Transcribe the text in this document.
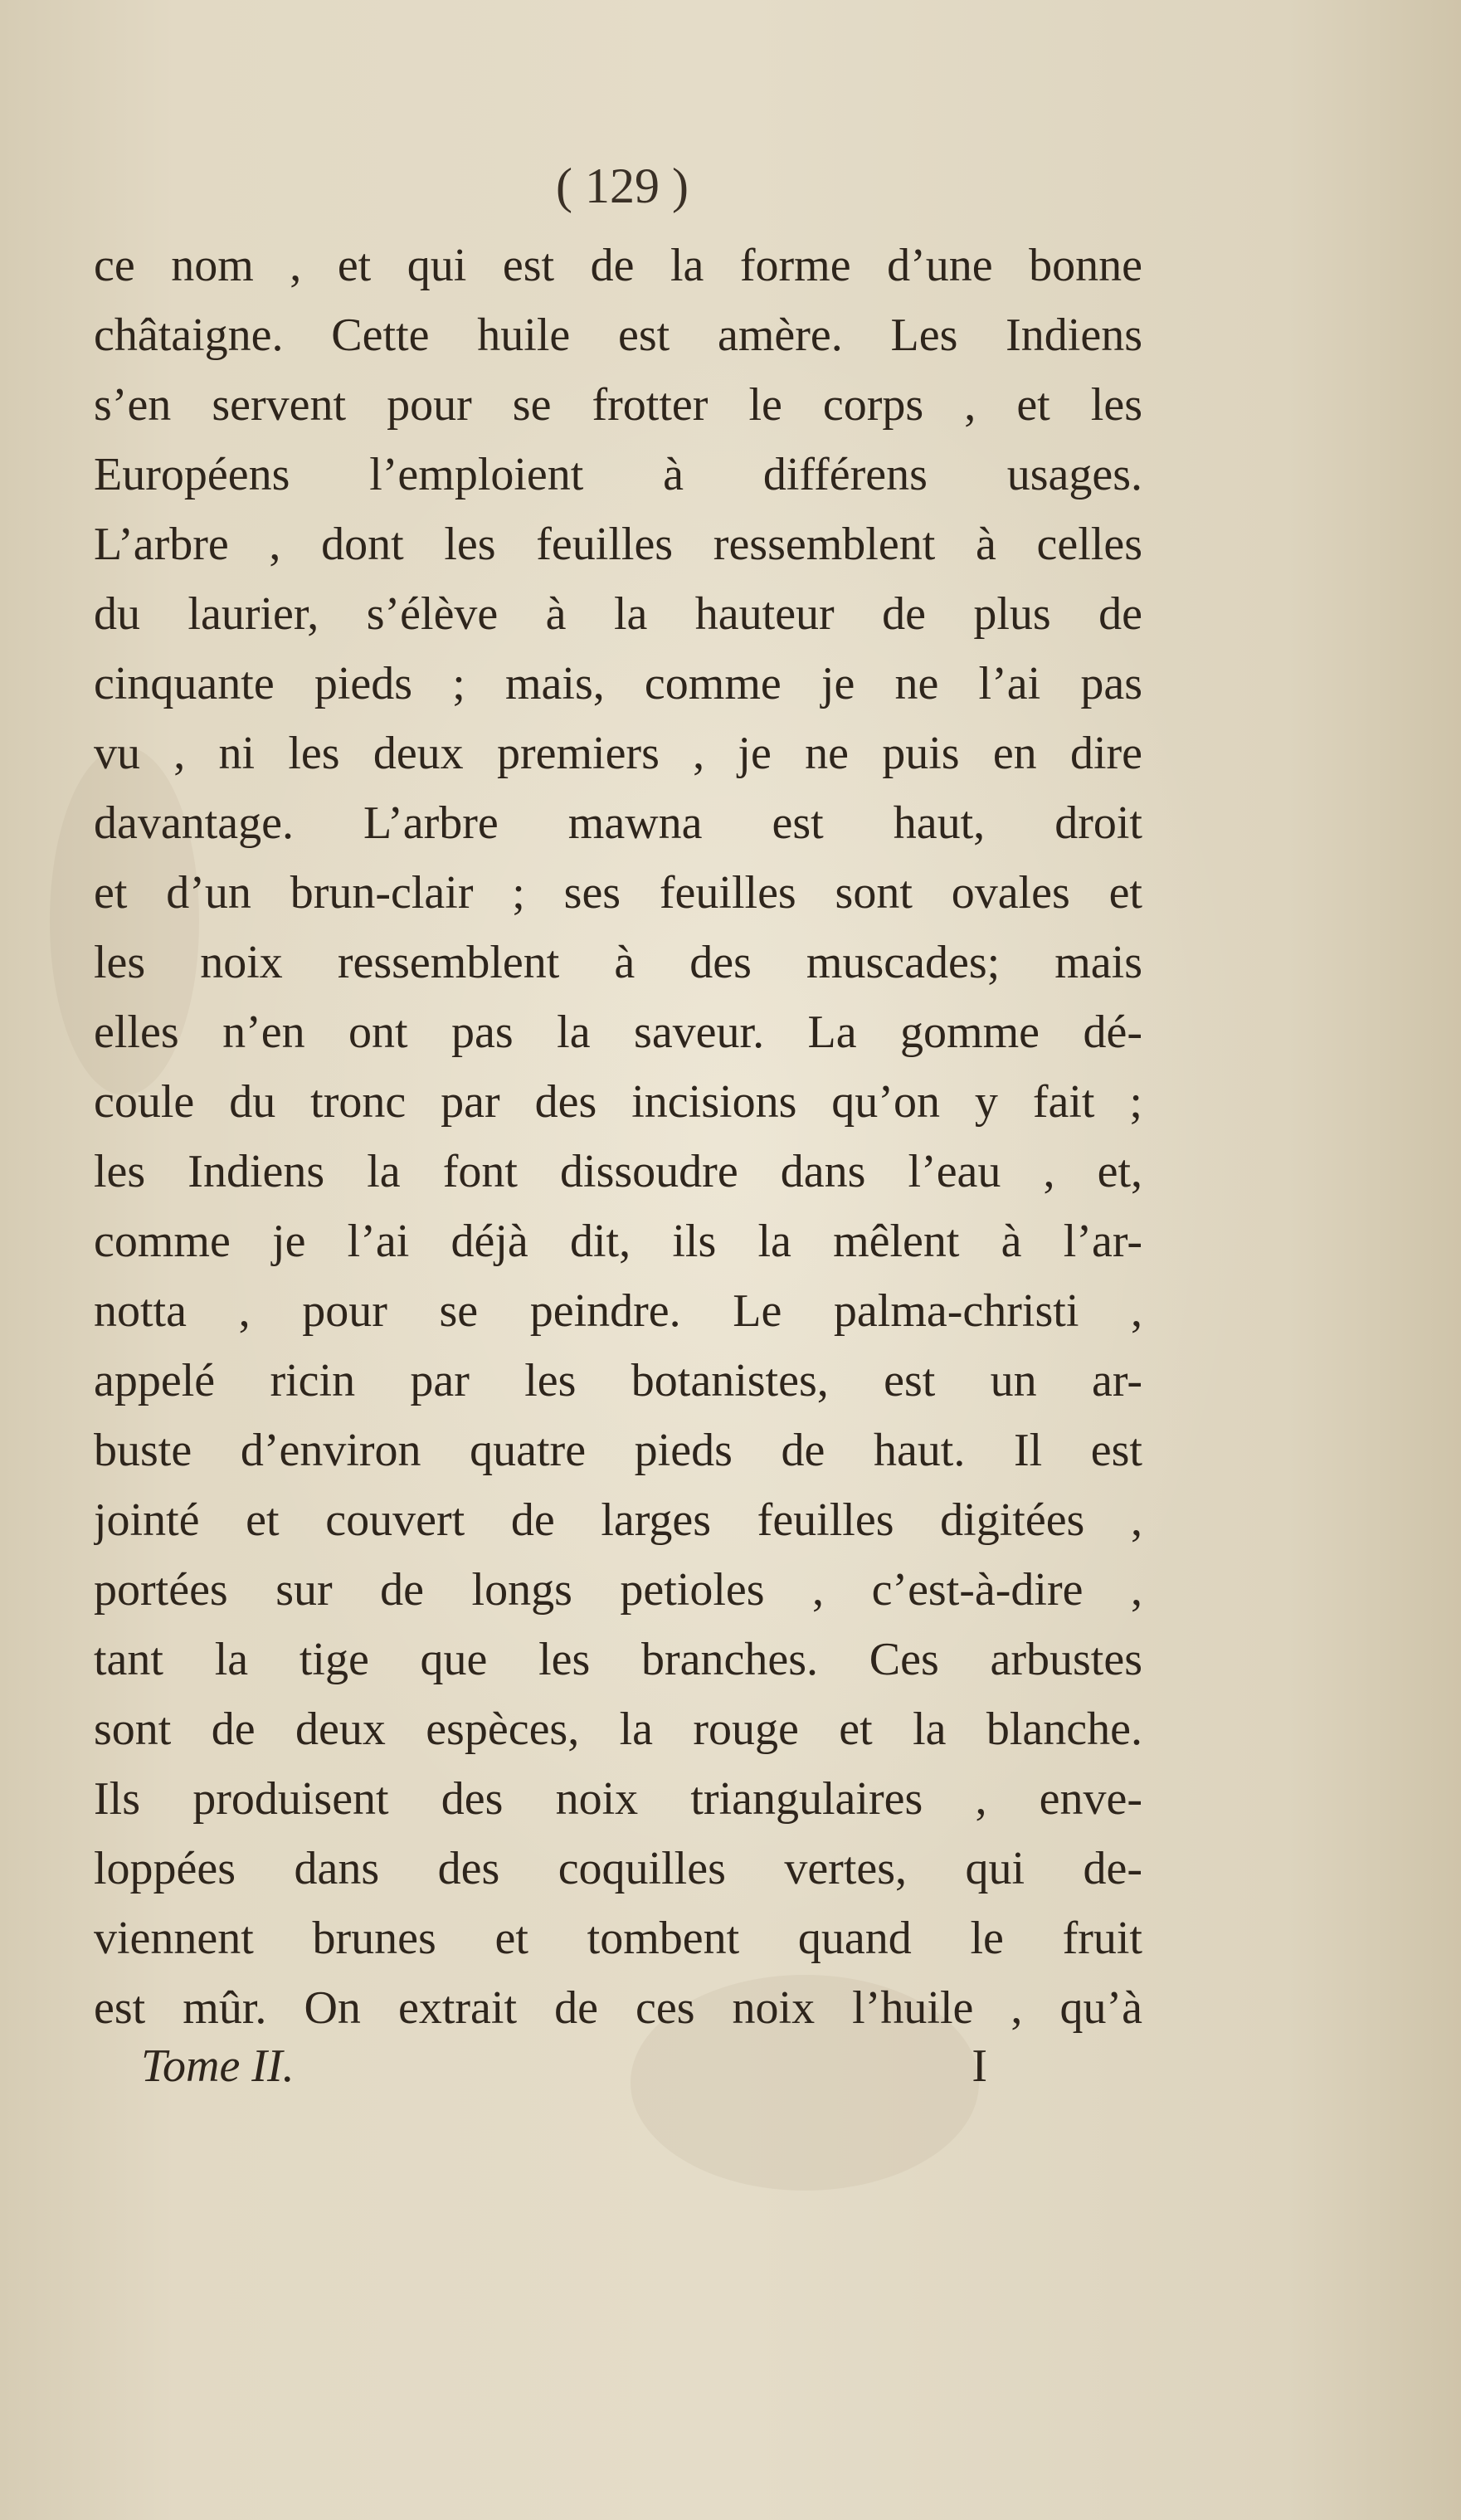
( 129 )
ce nom , et qui est de la forme d’une bonne
châtaigne. Cette huile est amère. Les Indiens
s’en servent pour se frotter le corps , et les
Européens l’emploient à différens usages.
L’arbre , dont les feuilles ressemblent à celles
du laurier, s’élève à la hauteur de plus de
cinquante pieds ; mais, comme je ne l’ai pas
vu , ni les deux premiers , je ne puis en dire
davantage. L’arbre mawna est haut, droit
et d’un brun-clair ; ses feuilles sont ovales et
les noix ressemblent à des muscades; mais
elles n’en ont pas la saveur. La gomme dé-
coule du tronc par des incisions qu’on y fait ;
les Indiens la font dissoudre dans l’eau , et,
comme je l’ai déjà dit, ils la mêlent à l’ar-
notta , pour se peindre. Le palma-christi ,
appelé ricin par les botanistes, est un ar-
buste d’environ quatre pieds de haut. Il est
jointé et couvert de larges feuilles digitées ,
portées sur de longs petioles , c’est-à-dire ,
tant la tige que les branches. Ces arbustes
sont de deux espèces, la rouge et la blanche.
Ils produisent des noix triangulaires , enve-
loppées dans des coquilles vertes, qui de-
viennent brunes et tombent quand le fruit
est mûr. On extrait de ces noix l’huile , qu’à
Tome II.	I
